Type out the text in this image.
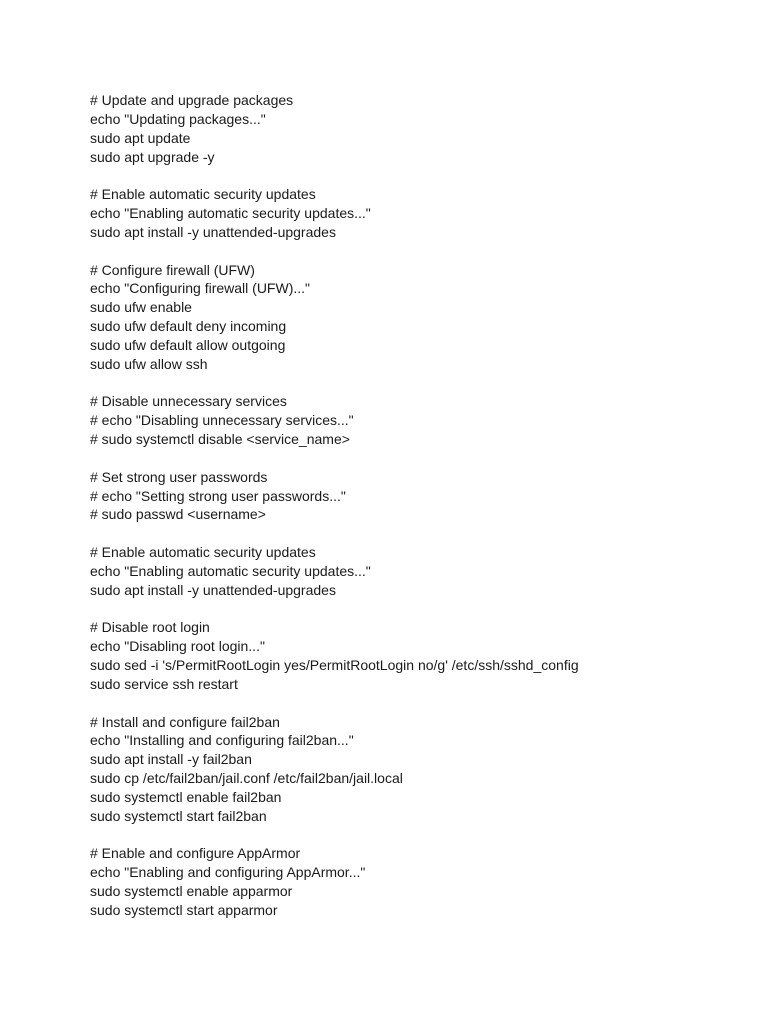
# Update and upgrade packages
echo "Updating packages..."
sudo apt update
sudo apt upgrade -y
# Enable automatic security updates
echo "Enabling automatic security updates..."
sudo apt install -y unattended-upgrades
# Configure firewall (UFW)
echo "Configuring firewall (UFW)..."
sudo ufw enable
sudo ufw default deny incoming
sudo ufw default allow outgoing
sudo ufw allow ssh
# Disable unnecessary services
# echo "Disabling unnecessary services..."
# sudo systemctl disable <service_name>
# Set strong user passwords
# echo "Setting strong user passwords..."
# sudo passwd <username>
# Enable automatic security updates
echo "Enabling automatic security updates..."
sudo apt install -y unattended-upgrades
# Disable root login
echo "Disabling root login..."
sudo sed -i 's/PermitRootLogin yes/PermitRootLogin no/g' /etc/ssh/sshd_config
sudo service ssh restart
# Install and configure fail2ban
echo "Installing and configuring fail2ban..."
sudo apt install -y fail2ban
sudo cp /etc/fail2ban/jail.conf /etc/fail2ban/jail.local
sudo systemctl enable fail2ban
sudo systemctl start fail2ban
# Enable and configure AppArmor
echo "Enabling and configuring AppArmor..."
sudo systemctl enable apparmor
sudo systemctl start apparmor
